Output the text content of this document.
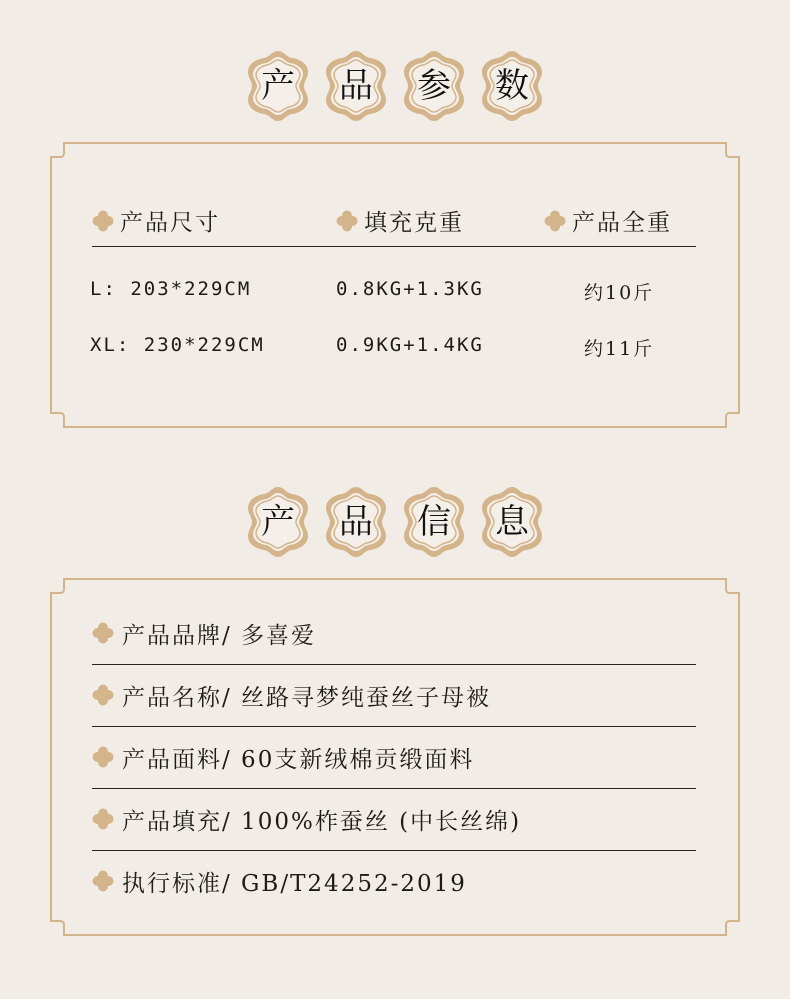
产 品 参 数
产品尺寸	填充克重	产品全重
L: 203*229CM	0.8KG+1.3KG	约10斤
XL: 230*229CM	0.9KG+1.4KG	约11斤
产 品 信 息
产品品牌/ 多喜爱
产品名称/ 丝路寻梦纯蚕丝子母被
产品面料/ 60支新绒棉贡缎面料
产品填充/ 100%柞蚕丝 (中长丝绵)
执行标准/ GB/T24252-2019
